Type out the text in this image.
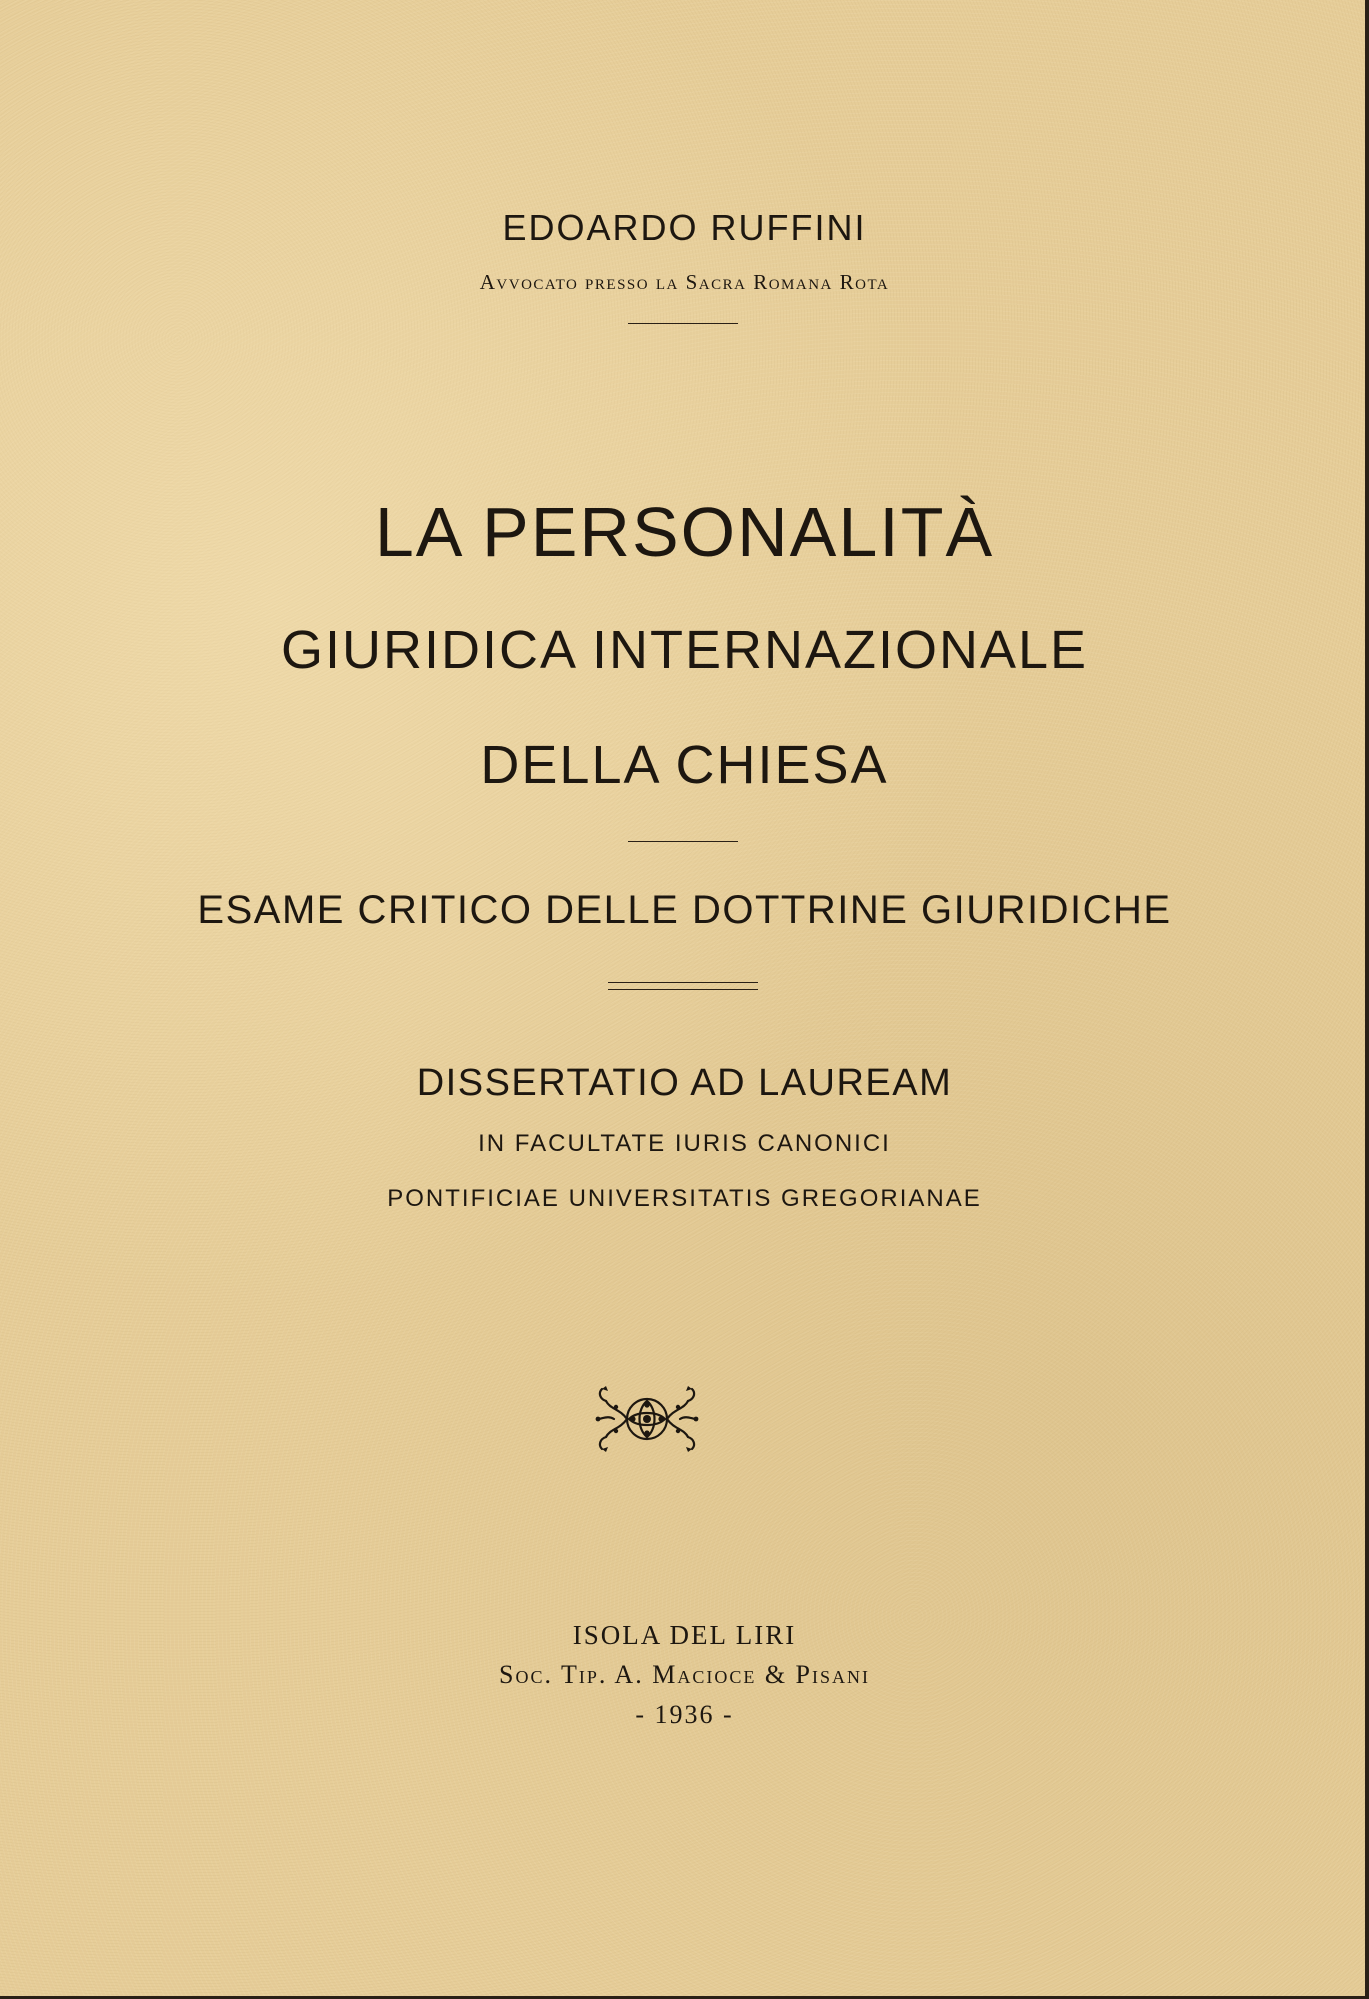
EDOARDO RUFFINI
Avvocato presso la Sacra Romana Rota
LA PERSONALITÀ
GIURIDICA INTERNAZIONALE
DELLA CHIESA
ESAME CRITICO DELLE DOTTRINE GIURIDICHE
DISSERTATIO AD LAUREAM
IN FACULTATE IURIS CANONICI
PONTIFICIAE UNIVERSITATIS GREGORIANAE
ISOLA DEL LIRI
Soc. Tip. A. Macioce & Pisani
- 1936 -
